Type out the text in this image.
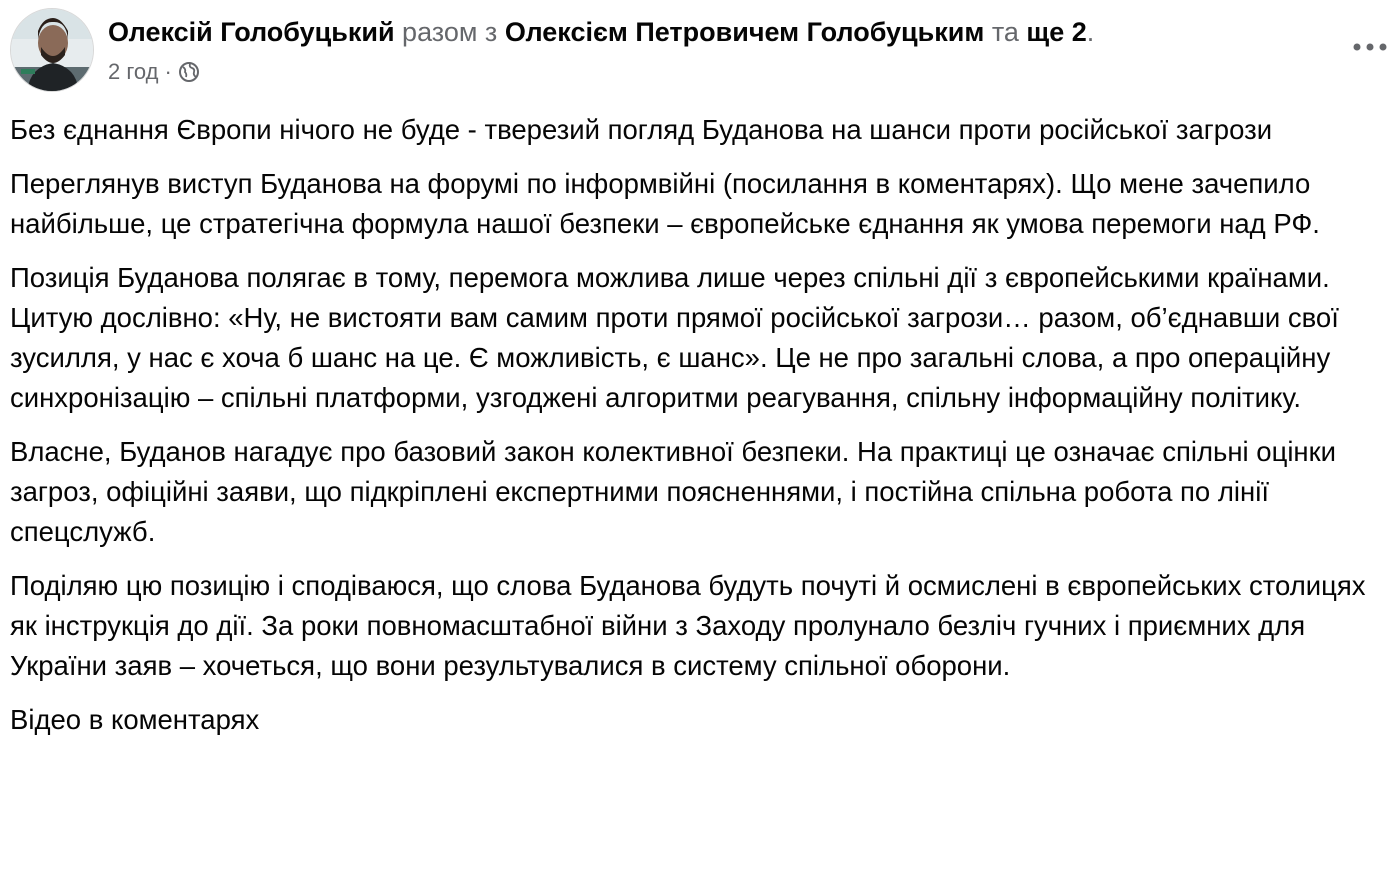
Олексій Голобуцький разом з Олексієм Петровичем Голобуцьким та ще 2.
2 год ·

Без єднання Європи нічого не буде - тверезий погляд Буданова на шанси проти російської загрози

Переглянув виступ Буданова на форумі по інформвійні (посилання в коментарях). Що мене зачепило найбільше, це стратегічна формула нашої безпеки – європейське єднання як умова перемоги над РФ.

Позиція Буданова полягає в тому, перемога можлива лише через спільні дії з європейськими країнами. Цитую дослівно: «Ну, не вистояти вам самим проти прямої російської загрози… разом, об’єднавши свої зусилля, у нас є хоча б шанс на це. Є можливість, є шанс». Це не про загальні слова, а про операційну синхронізацію – спільні платформи, узгоджені алгоритми реагування, спільну інформаційну політику.

Власне, Буданов нагадує про базовий закон колективної безпеки. На практиці це означає спільні оцінки загроз, офіційні заяви, що підкріплені експертними поясненнями, і постійна спільна робота по лінії спецслужб.

Поділяю цю позицію і сподіваюся, що слова Буданова будуть почуті й осмислені в європейських столицях як інструкція до дії. За роки повномасштабної війни з Заходу пролунало безліч гучних і приємних для України заяв – хочеться, що вони результувалися в систему спільної оборони.

Відео в коментарях
